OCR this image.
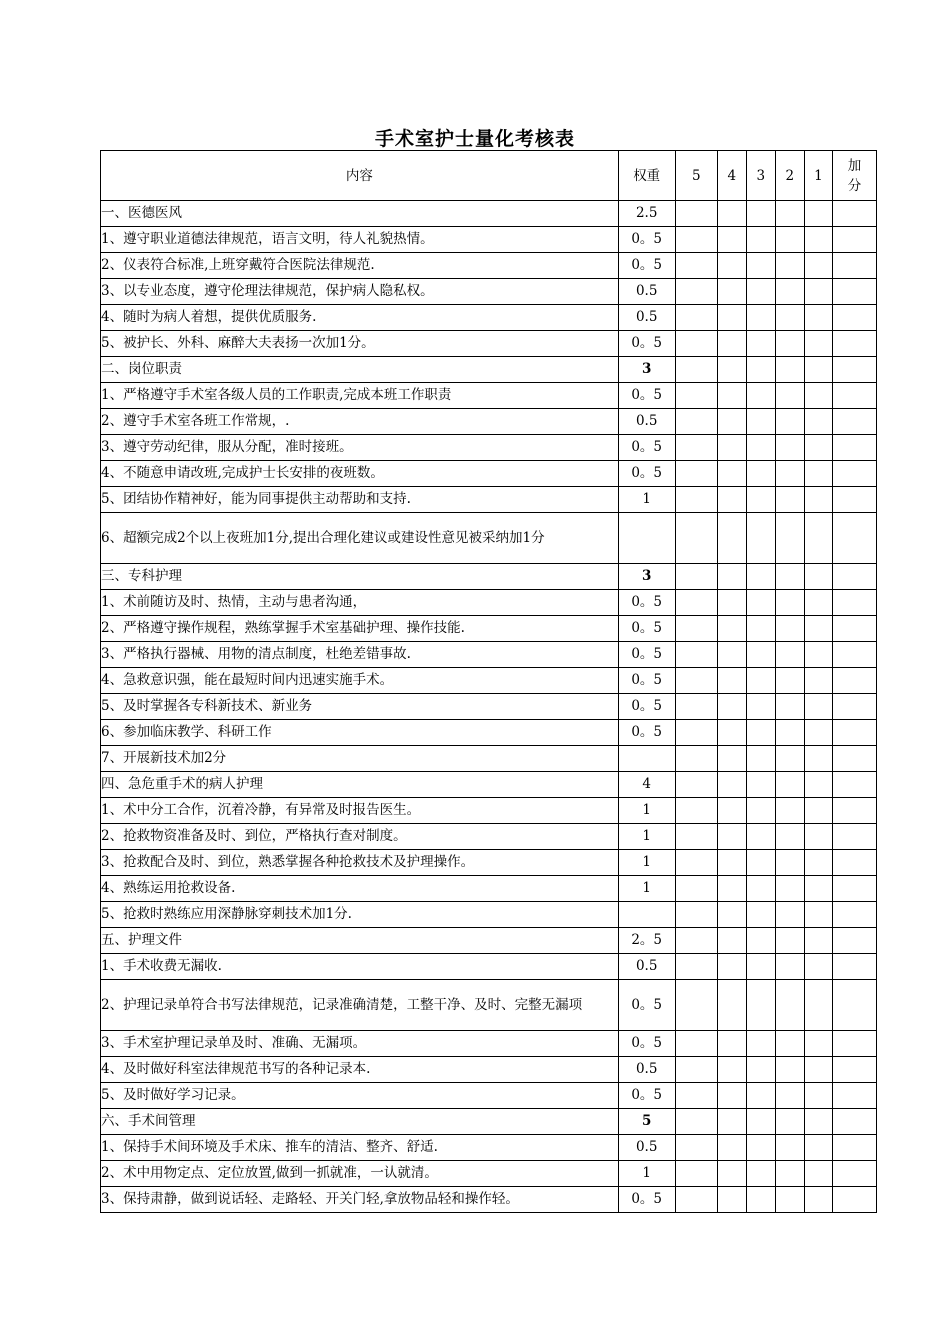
手术室护士量化考核表
内容	权重	5	4	3	2	1	加分
一、医德医风	2.5						
1、遵守职业道德法律规范，语言文明，待人礼貌热情。	0。5						
2、仪表符合标准,上班穿戴符合医院法律规范.	0。5						
3、以专业态度，遵守伦理法律规范，保护病人隐私权。	0.5						
4、随时为病人着想，提供优质服务.	0.5						
5、被护长、外科、麻醉大夫表扬一次加1分。	0。5						
二、岗位职责	3						
1、严格遵守手术室各级人员的工作职责,完成本班工作职责	0。5						
2、遵守手术室各班工作常规，.	0.5						
3、遵守劳动纪律，服从分配，准时接班。	0。5						
4、不随意申请改班,完成护士长安排的夜班数。	0。5						
5、团结协作精神好，能为同事提供主动帮助和支持.	1						
6、超额完成2个以上夜班加1分,提出合理化建议或建设性意见被采纳加1分							
三、专科护理	3						
1、术前随访及时、热情，主动与患者沟通，	0。5						
2、严格遵守操作规程，熟练掌握手术室基础护理、操作技能.	0。5						
3、严格执行器械、用物的清点制度，杜绝差错事故.	0。5						
4、急救意识强，能在最短时间内迅速实施手术。	0。5						
5、及时掌握各专科新技术、新业务	0。5						
6、参加临床教学、科研工作	0。5						
7、开展新技术加2分							
四、急危重手术的病人护理	4						
1、术中分工合作，沉着冷静，有异常及时报告医生。	1						
2、抢救物资准备及时、到位，严格执行查对制度。	1						
3、抢救配合及时、到位，熟悉掌握各种抢救技术及护理操作。	1						
4、熟练运用抢救设备.	1						
5、抢救时熟练应用深静脉穿刺技术加1分.							
五、护理文件	2。5						
1、手术收费无漏收.	0.5						
2、护理记录单符合书写法律规范，记录准确清楚，工整干净、及时、完整无漏项	0。5						
3、手术室护理记录单及时、准确、无漏项。	0。5						
4、及时做好科室法律规范书写的各种记录本.	0.5						
5、及时做好学习记录。	0。5						
六、手术间管理	5						
1、保持手术间环境及手术床、推车的清洁、整齐、舒适.	0.5						
2、术中用物定点、定位放置,做到一抓就准，一认就清。	1						
3、保持肃静，做到说话轻、走路轻、开关门轻,拿放物品轻和操作轻。	0。5						
